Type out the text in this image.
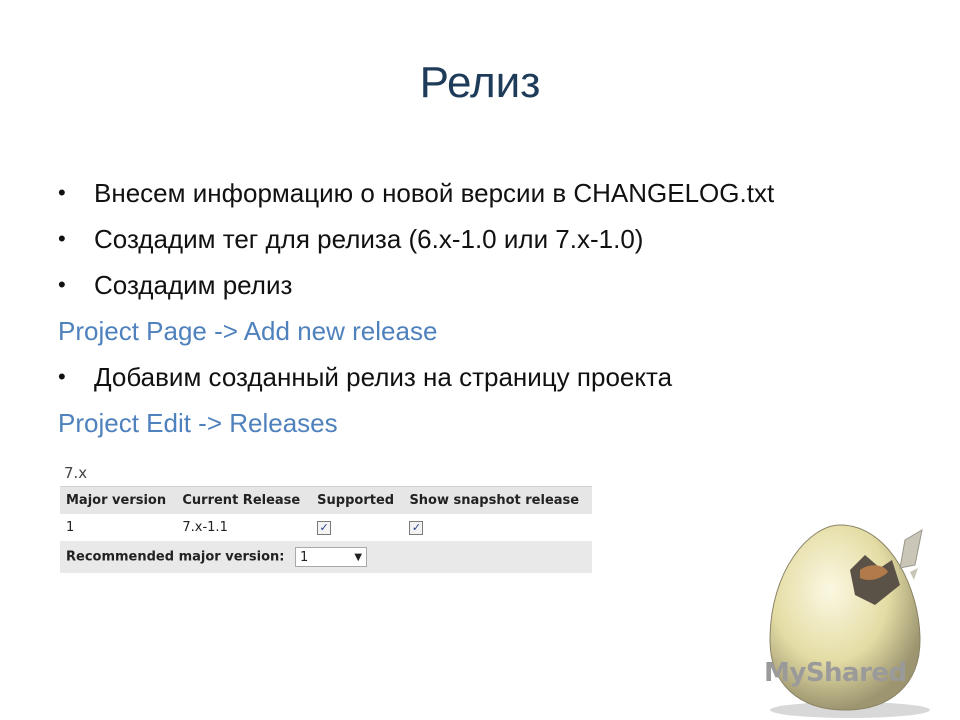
Релиз
•	Внесем информацию о новой версии в CHANGELOG.txt
•	Создадим тег для релиза (6.x-1.0 или 7.x-1.0)
•	Создадим релиз
Project Page -> Add new release
•	Добавим созданный релиз на страницу проекта
Project Edit -> Releases
7.x
Major version	Current Release	Supported	Show snapshot release
1	7.x-1.1	✓	✓
Recommended major version: 1 ▼			
MyShared
